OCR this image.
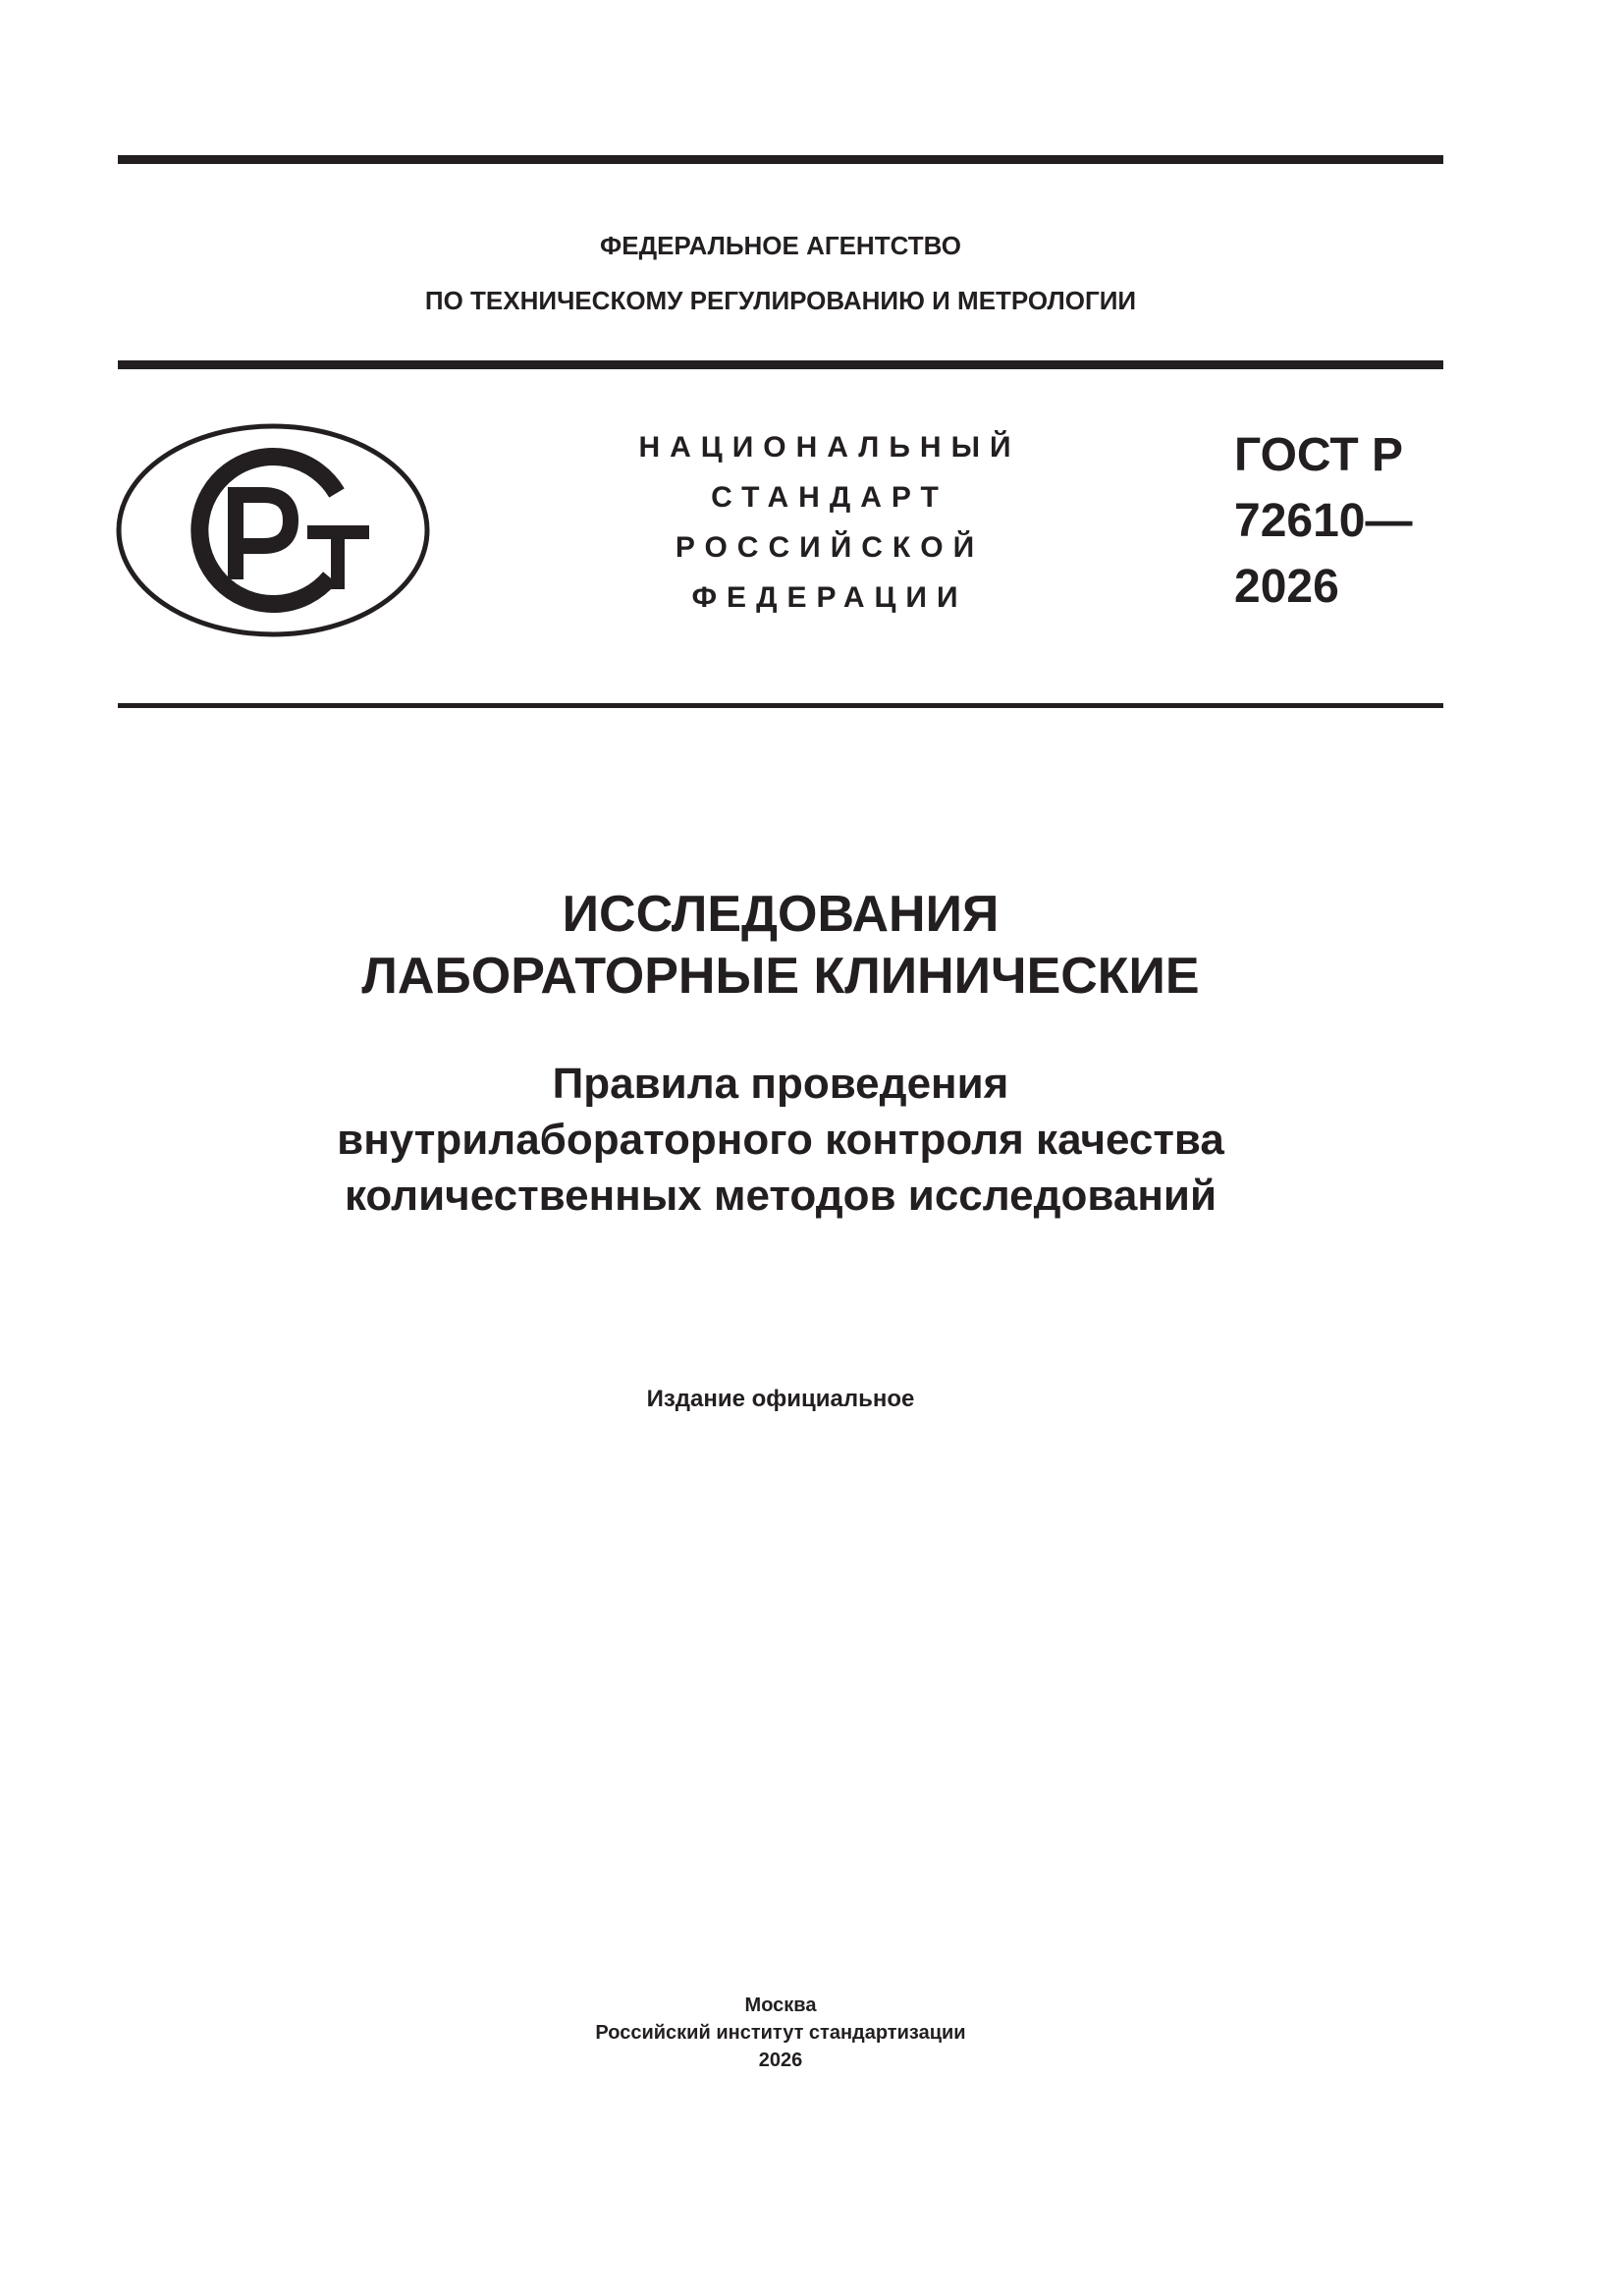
ФЕДЕРАЛЬНОЕ АГЕНТСТВО
ПО ТЕХНИЧЕСКОМУ РЕГУЛИРОВАНИЮ И МЕТРОЛОГИИ
НАЦИОНАЛЬНЫЙ
СТАНДАРТ
РОССИЙСКОЙ
ФЕДЕРАЦИИ
ГОСТ Р
72610—
2026
ИССЛЕДОВАНИЯ
ЛАБОРАТОРНЫЕ КЛИНИЧЕСКИЕ
Правила проведения
внутрилабораторного контроля качества
количественных методов исследований
Издание официальное
Москва
Российский институт стандартизации
2026
